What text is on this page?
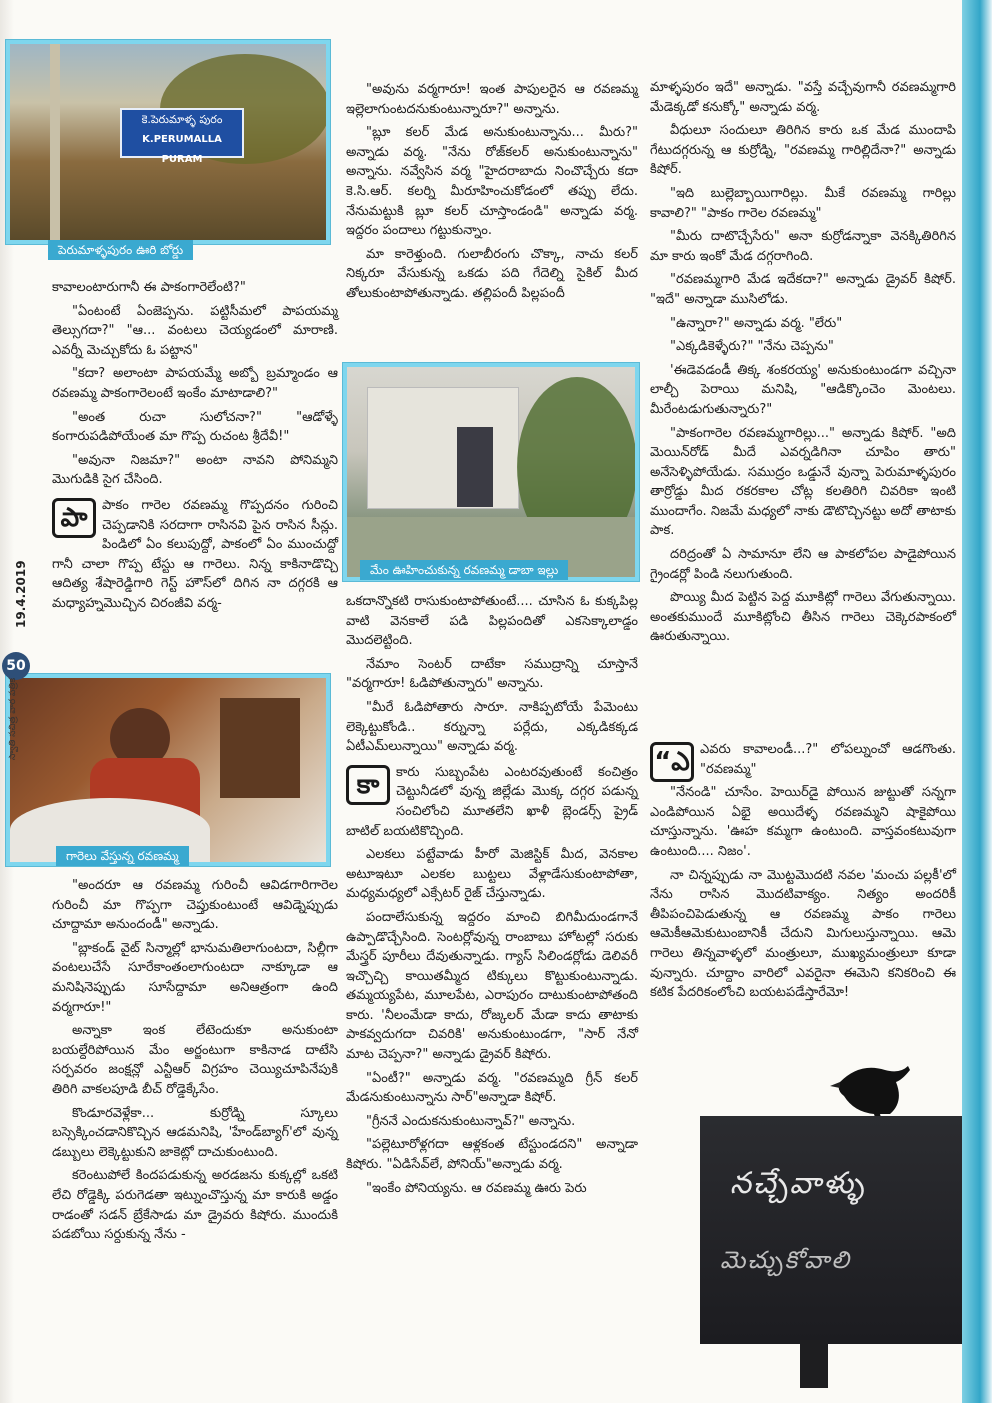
కె.పెరుమాళ్ళ పురం
K.PERUMALLA PURAM
పెరుమాళ్ళపురం ఊరి బోర్డు
మేం ఊహించుకున్న రవణమ్మ డాబా ఇల్లు
గారెలు వేస్తున్న రవణమ్మ
19.4.2019
50
స్వాతి సచిత్ర వార పత్రిక

కావాలంటారుగానీ ఈ పాకంగారెలేంటి?"

"ఏంటంటే ఏంజెప్పను. పట్టిసీమలో పాపయమ్మ తెల్సుగదా?" "ఆ... వంటలు చెయ్యడంలో మారాణి. ఎవర్నీ మెచ్చుకోదు ఓ పట్టాన"

"కదా? అలాంటా పాపయమ్మే అబ్బో బ్రమ్మాండం ఆ రవణమ్మ పాకంగారెలంటే ఇంకేం మాటాడాలి?"

"అంత రుచా సులోచనా?" "ఆడోళ్ళే కంగారుపడిపోయేంత మా గొప్ప రుచంట శ్రీదేవీ!"

"అవునా నిజమా?" అంటా నావని పోనిమ్మని మొగుడికి సైగ చేసింది.

పా	పాకం గారెల రవణమ్మ గొప్పదనం గురించి చెప్పడానికి సరదాగా రాసినవి పైన రాసిన సీన్లు. పిండిలో ఏం కలుపుద్దో, పాకంలో ఏం ముంచుద్దో గానీ చాలా గొప్ప టేస్టు ఆ గారెలు. నిన్న కాకినాడొచ్చి ఆదిత్య శేషారెడ్డిగారి గెస్ట్ హౌస్‌లో దిగిన నా దగ్గరకి ఆ మధ్యాహ్నమొచ్చిన చిరంజీవి వర్మ-

"అందరూ ఆ రవణమ్మ గురించీ ఆవిడగారిగారెల గురించీ మా గొప్పగా చెప్తుకుంటుంటే ఆవిడ్నెప్పుడు చూద్దామా అనుందండీ" అన్నాడు.

"బ్లాకండ్ వైట్ సిన్మాల్లో భానుమతిలాగుంటదా, సిల్లీగా వంటలుచేసే సూరేకాంతంలాగుంటదా నాక్కూడా ఆ మనిషినెప్పుడు సూసేద్దామా అనిఆత్రంగా ఉంది వర్మగారూ!"

అన్నాకా ఇంక లేటెందుకూ అనుకుంటా బయల్దేరిపోయిన మేం అర్జంటుగా కాకినాడ దాటేసి సర్పవరం జంక్షన్లో ఎన్టీఆర్ విగ్రహం చెయ్యిచూపినేపుకి తిరిగి వాకలపూడి బీచ్ రోడ్డెక్కేసేం.

కొండూరవెళ్లేకా... కుర్రోడ్ని స్కూలు బస్సెక్కించడానికొచ్చిన ఆడమనిషి, 'హేండ్‌బ్యాగ్'లో వున్న డబ్బులు లెక్కెట్టుకుని జాకెట్లో దాచుకుంటుంది.

కరెంటుపోలే కిందపడుకున్న అరడజను కుక్కల్లో ఒకటి లేచి రోడ్డెక్కి పరుగెడతా ఇట్నుంచొస్తున్న మా కారుకి అడ్డం రాడంతో సడన్ బ్రేకేసాడు మా డ్రైవరు కిషోరు. ముందుకి పడబోయి సర్దుకున్న నేను -

"అవును వర్మగారూ! ఇంత పాపులరైన ఆ రవణమ్మ ఇల్లెలాగుంటదనుకుంటున్నారూ?" అన్నాను.

"బ్లూ కలర్ మేడ అనుకుంటున్నాను... మీరు?" అన్నాడు వర్మ. "నేను రోజ్‌కలర్ అనుకుంటున్నాను" అన్నాను. నవ్వేసిన వర్మ "హైదరాబాదు నించొచ్చేరు కదా కె.సి.ఆర్. కలర్ని మీరూహించుకోడంలో తప్పు లేదు. నేనుమట్టుకి బ్లూ కలర్ చూస్తాండండి" అన్నాడు వర్మ. ఇద్దరం పందాలు గట్టుకున్నాం.

మా కారెళ్తుంది. గులాబీరంగు చొక్కా, నాచు కలర్ నిక్కరూ వేసుకున్న ఒకడు పది గేదెల్ని సైకిల్ మీద తోలుకుంటాపోతున్నాడు. తల్లిపందీ పిల్లపందీ

ఒకదాన్నొకటి రాసుకుంటాపోతుంటే.... చూసిన ఓ కుక్కపిల్ల వాటి వెనకాలే పడి పిల్లపందితో ఎకసెక్కాలాడ్డం మొదలెట్టింది.

నేమాం సెంటర్ దాటేకా సముద్రాన్ని చూస్తానే "వర్మగారూ! ఓడిపోతున్నారు" అన్నాను.

"మీరే ఓడిపోతారు సారూ. నాకిప్పటోయే పేమెంటు లెక్కెట్టుకోండి.. కర్నున్నా పర్లేదు, ఎక్కడికక్కడ ఏటీఎమ్‌లున్నాయి" అన్నాడు వర్మ.

కా	కారు సుబ్బంపేట ఎంటరవుతుంటే కంచిత్రం చెట్టునీడలో వున్న జిల్లేడు మొక్క దగ్గర పడున్న సంచిలోంచి మూతలేని ఖాళీ బ్లెండర్స్ ప్రైడ్ బాటిల్ బయటికొచ్చింది.

ఎలకలు పట్టేవాడు హీరో మెజిస్టిక్ మీద, వెనకాల అటూఇటూ ఎలకల బుట్టలు వేళ్లాడేసుకుంటాపోతా, మధ్యమధ్యలో ఎక్సేటర్ రైజ్ చేస్తున్నాడు.

పందాలేసుకున్న ఇద్దరం మాంచి బిగిమీదుండగానే ఉప్పాడొచ్చేసింది. సెంటర్లోవున్న రాంబాబు హోటల్లో సరుకు మేస్త్రర్ పూరీలు దేవుతున్నాడు. గ్యాస్ సిలిండర్లోడు డెలివరీ ఇచ్చొచ్చి కాయితమ్మీద టిక్కులు కొట్టుకుంటున్నాడు. తమ్మయ్యపేట, మూలపేట, ఎరాపురం దాటుకుంటాపోతంది కారు. 'నీలంమేడా కాదు, రోజ్కలర్ మేడా కాదు తాటాకు పాకవ్వదుగదా చివరికి' అనుకుంటుండగా, "సార్ నేనో మాట చెప్పనా?" అన్నాడు డ్రైవర్ కిషోరు.

"ఏంటీ?" అన్నాడు వర్మ. "రవణమ్మది గ్రీన్ కలర్ మేడనుకుంటున్నాను సార్"అన్నాడా కిషోర్.

"గ్రీననే ఎందుకనుకుంటున్నావ్?" అన్నాను.

"పల్లెటూరోళ్లగదా ఆళ్లకంత టేస్టుండదని" అన్నాడా కిషోరు. "ఏడిసేవ్‌లే, పోనియ్"అన్నాడు వర్మ.

"ఇంకేం పోనియ్యను. ఆ రవణమ్మ ఊరు పెరు

మాళ్ళపురం ఇదే" అన్నాడు. "వస్తే వచ్చేవుగానీ రవణమ్మగారి మేడెక్కడో కనుక్కో" అన్నాడు వర్మ.

వీధులూ సందులూ తిరిగిన కారు ఒక మేడ ముందాపి గేటుదగ్గరున్న ఆ కుర్రోడ్ని, "రవణమ్మ గారిల్లిదేనా?" అన్నాడు కిషోర్.

"ఇది బుల్లెబ్బాయిగారిల్లు. మీకే రవణమ్మ గారిల్లు కావాలి?" "పాకం గారెల రవణమ్మ"

"మీరు దాటొచ్చేసేరు" అనా కుర్రోడన్నాకా వెనక్కితిరిగిన మా కారు ఇంకో మేడ దగ్గరాగింది.

"రవణమ్మగారి మేడ ఇదేకదా?" అన్నాడు డ్రైవర్ కిషోర్. "ఇదే" అన్నాడా ముసిలోడు.

"ఉన్నారా?" అన్నాడు వర్మ. "లేరు"

"ఎక్కడికెళ్ళేరు?" "నేను చెప్పను"

'ఈడెవడండీ తిక్క శంకరయ్య' అనుకుంటుండగా వచ్చినా లాల్చీ పెరాయి మనిషి, "ఆడిక్కొంచెం మెంటలు. మీరేంటడుగుతున్నారు?"

"పాకంగారెల రవణమ్మగారిల్లు..." అన్నాడు కిషోర్. "అది మెయిన్‌రోడ్ మీదే ఎవర్నడిగినా చూపిం తారు" అనేసెళ్ళిపోయేడు. సముద్రం ఒడ్డునే వున్నా పెరుమాళ్ళపురం తార్రోడ్డు మీద రకరకాల చోట్ల కలతిరిగి చివరికా ఇంటి ముందాగేం. నిజమే మధ్యలో నాకు డౌటొచ్చినట్టు అదో తాటాకు పాక.

దరిద్రంతో ఏ సామానూ లేని ఆ పాకలోపల పాడైపోయిన గ్రైండర్లో పిండి నలుగుతుంది.

పొయ్యి మీద పెట్టిన పెద్ద మూకిట్లో గారెలు వేగుతున్నాయి. అంతకుముందే మూకిట్లోంచి తీసిన గారెలు చెక్కెరపాకంలో ఊరుతున్నాయి.

“ఎ ఎవరు కావాలండీ...?" లోపల్నుంచో ఆడగొంతు. "రవణమ్మ"

"నేనండి" చూసేం. హెయిర్‌డై పోయిన జుట్టుతో సన్నగా ఎండిపోయిన ఏభై అయిదేళ్ళ రవణమ్మని షాకైపోయి చూస్తున్నాను. 'ఊహ కమ్మగా ఉంటుంది. వాస్తవంకటువుగా ఉంటుంది.... నిజం'.

నా చిన్నప్పుడు నా మొట్టమొదటి నవల 'మంచు పల్లకీ'లో నేను రాసిన మొదటివాక్యం. నిత్యం అందరికీ తీపిపంచిపెడుతున్న ఆ రవణమ్మ పాకం గారెలు ఆమెకీఆమెకుటుంబానికీ చేదుని మిగులుస్తున్నాయి. ఆమె గారెలు తిన్నవాళ్ళలో మంత్రులూ, ముఖ్యమంత్రులూ కూడా వున్నారు. చూద్దాం వారిలో ఎవరైనా ఈమెని కనికరించి ఈ కటిక పేదరికంలోంచి బయటపడేస్తారేమో!

నచ్చేవాళ్ళు
మెచ్చుకోవాలి
